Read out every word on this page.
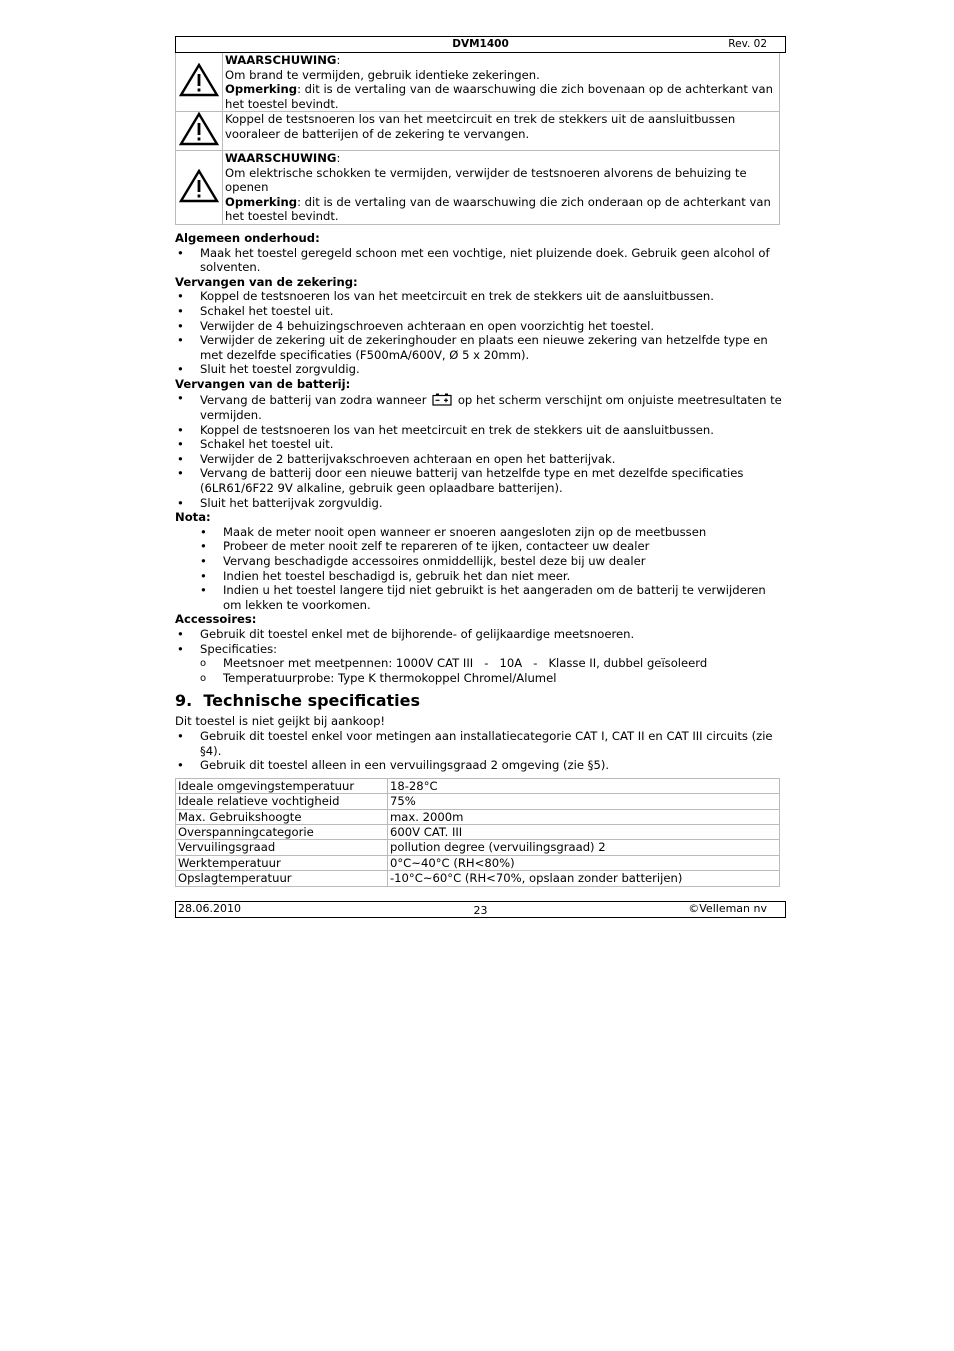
DVM1400	Rev. 02
	WAARSCHUWING:
Om brand te vermijden, gebruik identieke zekeringen.
Opmerking: dit is de vertaling van de waarschuwing die zich bovenaan op de achterkant van het toestel bevindt.
	Koppel de testsnoeren los van het meetcircuit en trek de stekkers uit de aansluitbussen vooraleer de batterijen of de zekering te vervangen.
	WAARSCHUWING:
Om elektrische schokken te vermijden, verwijder de testsnoeren alvorens de behuizing te openen
Opmerking: dit is de vertaling van de waarschuwing die zich onderaan op de achterkant van het toestel bevindt.
Algemeen onderhoud:
• Maak het toestel geregeld schoon met een vochtige, niet pluizende doek. Gebruik geen alcohol of solventen.
Vervangen van de zekering:
• Koppel de testsnoeren los van het meetcircuit en trek de stekkers uit de aansluitbussen.
• Schakel het toestel uit.
• Verwijder de 4 behuizingschroeven achteraan en open voorzichtig het toestel.
• Verwijder de zekering uit de zekeringhouder en plaats een nieuwe zekering van hetzelfde type en met dezelfde specificaties (F500mA/600V, Ø 5 x 20mm).
• Sluit het toestel zorgvuldig.
Vervangen van de batterij:
• Vervang de batterij van zodra wanneer	op het scherm verschijnt om onjuiste meetresultaten te vermijden.
• Koppel de testsnoeren los van het meetcircuit en trek de stekkers uit de aansluitbussen.
• Schakel het toestel uit.
• Verwijder de 2 batterijvakschroeven achteraan en open het batterijvak.
• Vervang de batterij door een nieuwe batterij van hetzelfde type en met dezelfde specificaties (6LR61/6F22 9V alkaline, gebruik geen oplaadbare batterijen).
• Sluit het batterijvak zorgvuldig.
Nota:
• Maak de meter nooit open wanneer er snoeren aangesloten zijn op de meetbussen
• Probeer de meter nooit zelf te repareren of te ijken, contacteer uw dealer
• Vervang beschadigde accessoires onmiddellijk, bestel deze bij uw dealer
• Indien het toestel beschadigd is, gebruik het dan niet meer.
• Indien u het toestel langere tijd niet gebruikt is het aangeraden om de batterij te verwijderen om lekken te voorkomen.
Accessoires:
• Gebruik dit toestel enkel met de bijhorende- of gelijkaardige meetsnoeren.
• Specificaties:
o Meetsnoer met meetpennen: 1000V CAT III   -   10A   -   Klasse II, dubbel geïsoleerd
o Temperatuurprobe: Type K thermokoppel Chromel/Alumel
9.  Technische specificaties
Dit toestel is niet geijkt bij aankoop!
• Gebruik dit toestel enkel voor metingen aan installatiecategorie CAT I, CAT II en CAT III circuits (zie §4).
• Gebruik dit toestel alleen in een vervuilingsgraad 2 omgeving (zie §5).
Ideale omgevingstemperatuur	18-28°C
Ideale relatieve vochtigheid	75%
Max. Gebruikshoogte	max. 2000m
Overspanningcategorie	600V CAT. III
Vervuilingsgraad	pollution degree (vervuilingsgraad) 2
Werktemperatuur	0°C~40°C (RH<80%)
Opslagtemperatuur	-10°C~60°C (RH<70%, opslaan zonder batterijen)
28.06.2010	23	©Velleman nv
